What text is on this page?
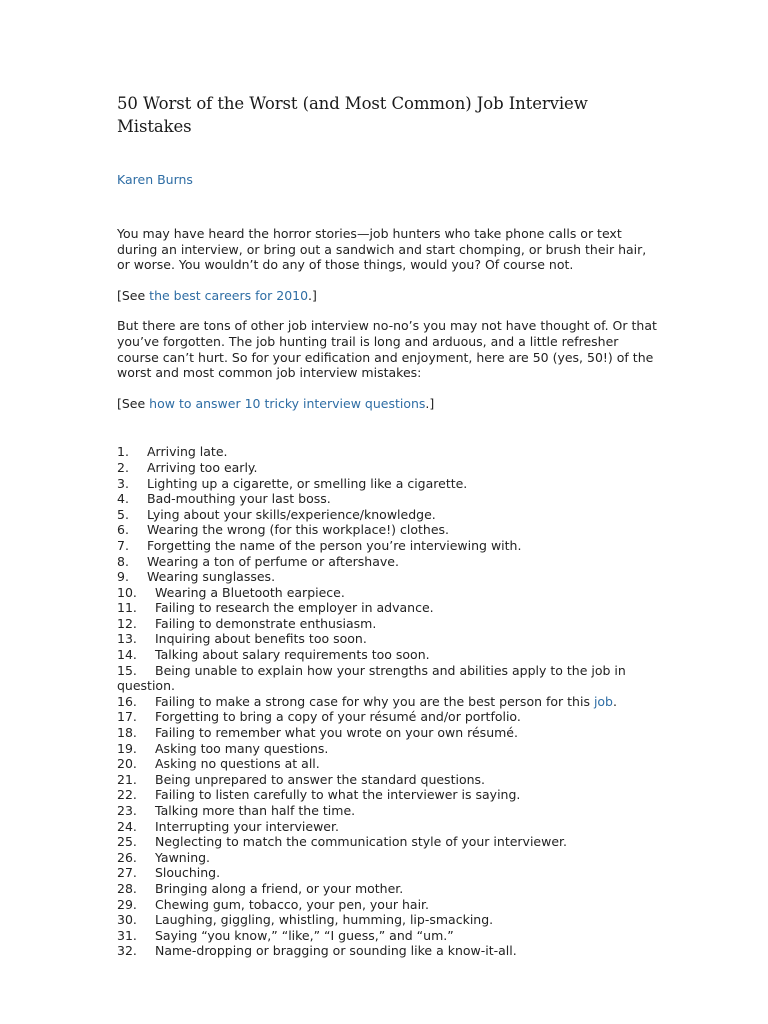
50 Worst of the Worst (and Most Common) Job Interview Mistakes
Karen Burns

You may have heard the horror stories—job hunters who take phone calls or text during an interview, or bring out a sandwich and start chomping, or brush their hair, or worse. You wouldn’t do any of those things, would you? Of course not.

[See the best careers for 2010.]

But there are tons of other job interview no-no’s you may not have thought of. Or that you’ve forgotten. The job hunting trail is long and arduous, and a little refresher course can’t hurt. So for your edification and enjoyment, here are 50 (yes, 50!) of the worst and most common job interview mistakes:

[See how to answer 10 tricky interview questions.]

1. Arriving late.
2. Arriving too early.
3. Lighting up a cigarette, or smelling like a cigarette.
4. Bad-mouthing your last boss.
5. Lying about your skills/experience/knowledge.
6. Wearing the wrong (for this workplace!) clothes.
7. Forgetting the name of the person you’re interviewing with.
8. Wearing a ton of perfume or aftershave.
9. Wearing sunglasses.
10. Wearing a Bluetooth earpiece.
11. Failing to research the employer in advance.
12. Failing to demonstrate enthusiasm.
13. Inquiring about benefits too soon.
14. Talking about salary requirements too soon.
15. Being unable to explain how your strengths and abilities apply to the job in question.
16. Failing to make a strong case for why you are the best person for this job.
17. Forgetting to bring a copy of your résumé and/or portfolio.
18. Failing to remember what you wrote on your own résumé.
19. Asking too many questions.
20. Asking no questions at all.
21. Being unprepared to answer the standard questions.
22. Failing to listen carefully to what the interviewer is saying.
23. Talking more than half the time.
24. Interrupting your interviewer.
25. Neglecting to match the communication style of your interviewer.
26. Yawning.
27. Slouching.
28. Bringing along a friend, or your mother.
29. Chewing gum, tobacco, your pen, your hair.
30. Laughing, giggling, whistling, humming, lip-smacking.
31. Saying “you know,” “like,” “I guess,” and “um.”
32. Name-dropping or bragging or sounding like a know-it-all.
